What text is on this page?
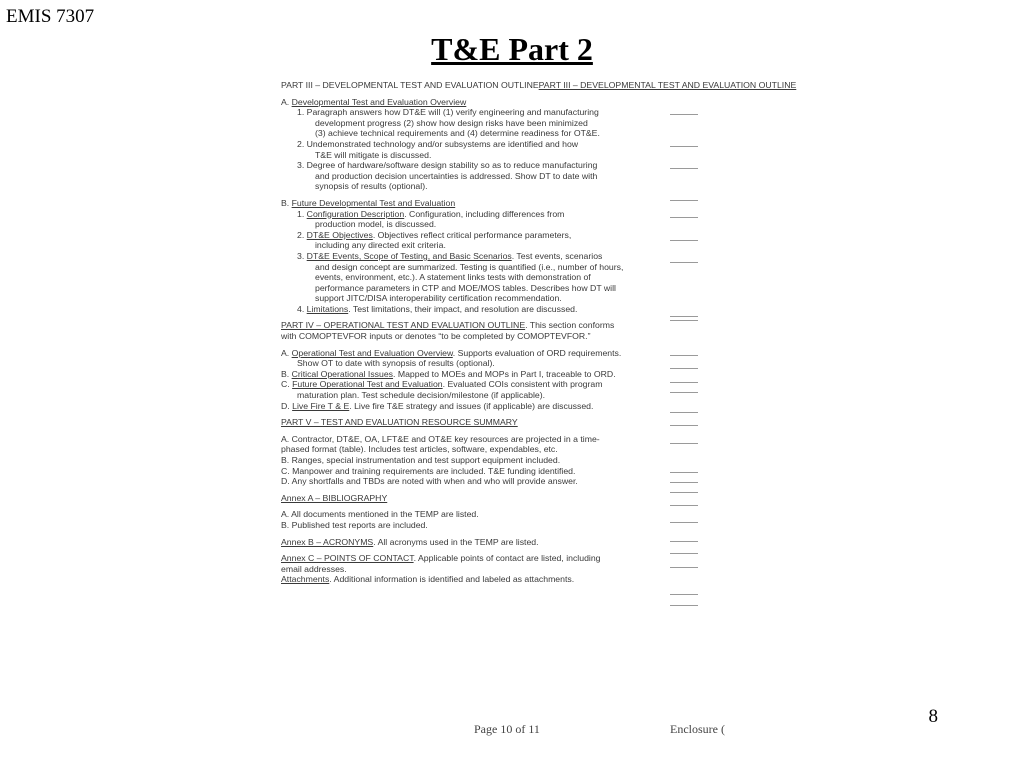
EMIS 7307
T&E Part 2
PART III – DEVELOPMENTAL TEST AND EVALUATION OUTLINEPART III – DEVELOPMENTAL TEST AND EVALUATION OUTLINE
A. Developmental Test and Evaluation Overview
1. Paragraph answers how DT&E will (1) verify engineering and manufacturing
development progress (2) show how design risks have been minimized
(3) achieve technical requirements and (4) determine readiness for OT&E.
2. Undemonstrated technology and/or subsystems are identified and how
T&E will mitigate is discussed.
3. Degree of hardware/software design stability so as to reduce manufacturing
and production decision uncertainties is addressed. Show DT to date with
synopsis of results (optional).
B. Future Developmental Test and Evaluation
1. Configuration Description. Configuration, including differences from
production model, is discussed.
2. DT&E Objectives. Objectives reflect critical performance parameters,
including any directed exit criteria.
3. DT&E Events, Scope of Testing, and Basic Scenarios. Test events, scenarios
and design concept are summarized. Testing is quantified (i.e., number of hours,
events, environment, etc.). A statement links tests with demonstration of
performance parameters in CTP and MOE/MOS tables. Describes how DT will
support JITC/DISA interoperability certification recommendation.
4. Limitations. Test limitations, their impact, and resolution are discussed.
PART IV – OPERATIONAL TEST AND EVALUATION OUTLINE. This section conforms
with COMOPTEVFOR inputs or denotes “to be completed by COMOPTEVFOR.”
A. Operational Test and Evaluation Overview. Supports evaluation of ORD requirements.
Show OT to date with synopsis of results (optional).
B. Critical Operational Issues. Mapped to MOEs and MOPs in Part I, traceable to ORD.
C. Future Operational Test and Evaluation. Evaluated COIs consistent with program
maturation plan. Test schedule decision/milestone (if applicable).
D. Live Fire T & E. Live fire T&E strategy and issues (if applicable) are discussed.
PART V – TEST AND EVALUATION RESOURCE SUMMARY
A. Contractor, DT&E, OA, LFT&E and OT&E key resources are projected in a time-
phased format (table). Includes test articles, software, expendables, etc.
B. Ranges, special instrumentation and test support equipment included.
C. Manpower and training requirements are included. T&E funding identified.
D. Any shortfalls and TBDs are noted with when and who will provide answer.
Annex A – BIBLIOGRAPHY
A. All documents mentioned in the TEMP are listed.
B. Published test reports are included.
Annex B – ACRONYMS. All acronyms used in the TEMP are listed.
Annex C – POINTS OF CONTACT. Applicable points of contact are listed, including
email addresses.
Attachments. Additional information is identified and labeled as attachments.
Page 10 of 11	Enclosure (
8
